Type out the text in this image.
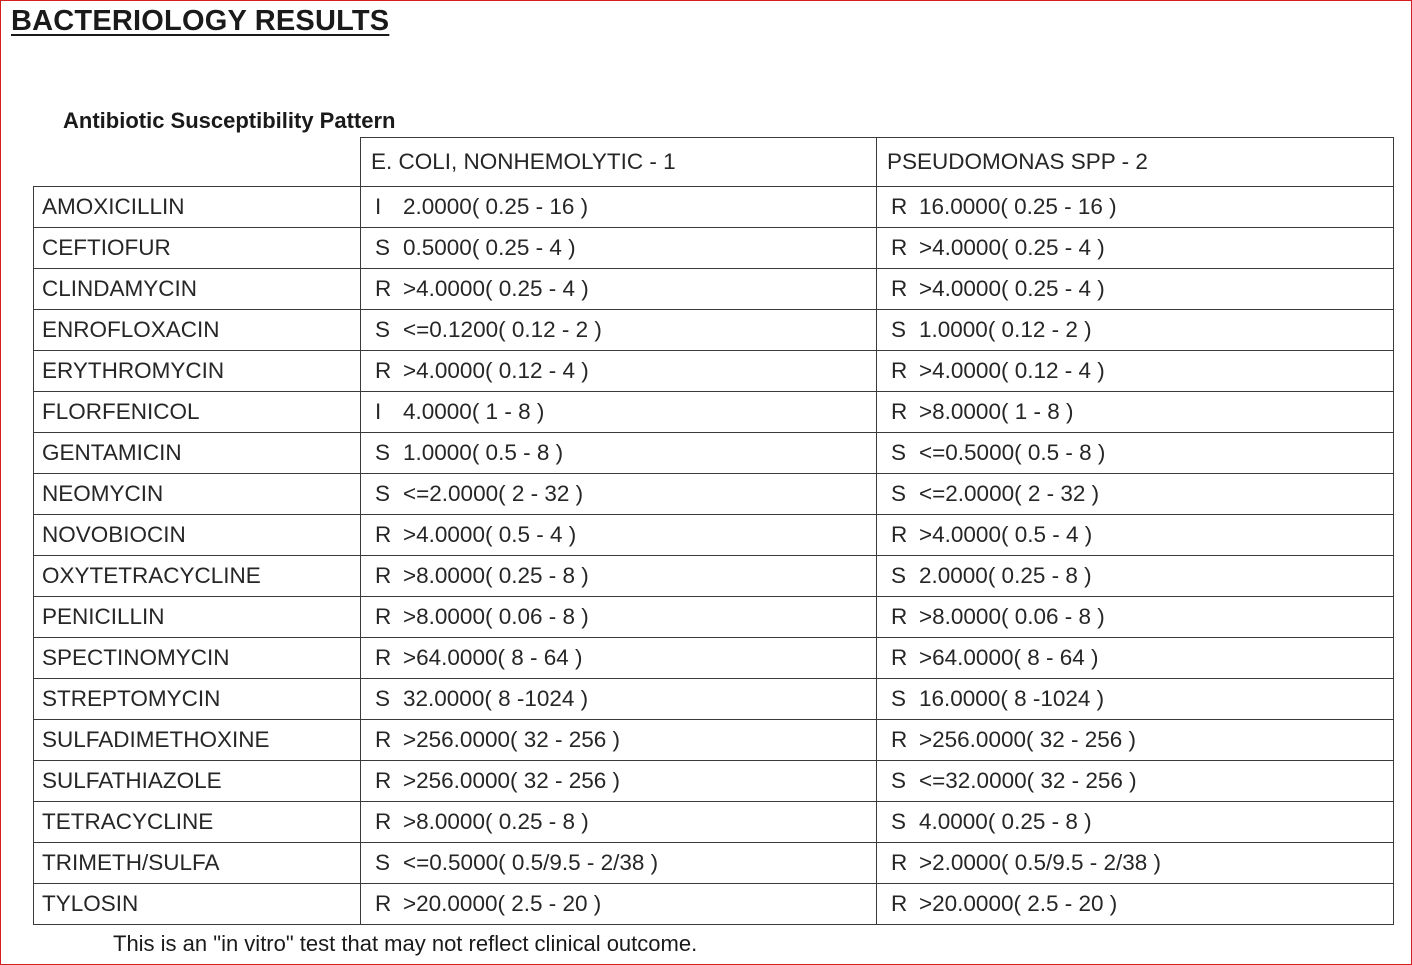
BACTERIOLOGY RESULTS
Antibiotic Susceptibility Pattern
	E. COLI, NONHEMOLYTIC - 1	PSEUDOMONAS SPP - 2
AMOXICILLIN	I 2.0000( 0.25 - 16 )	R 16.0000( 0.25 - 16 )
CEFTIOFUR	S 0.5000( 0.25 - 4 )	R >4.0000( 0.25 - 4 )
CLINDAMYCIN	R >4.0000( 0.25 - 4 )	R >4.0000( 0.25 - 4 )
ENROFLOXACIN	S <=0.1200( 0.12 - 2 )	S 1.0000( 0.12 - 2 )
ERYTHROMYCIN	R >4.0000( 0.12 - 4 )	R >4.0000( 0.12 - 4 )
FLORFENICOL	I 4.0000( 1 - 8 )	R >8.0000( 1 - 8 )
GENTAMICIN	S 1.0000( 0.5 - 8 )	S <=0.5000( 0.5 - 8 )
NEOMYCIN	S <=2.0000( 2 - 32 )	S <=2.0000( 2 - 32 )
NOVOBIOCIN	R >4.0000( 0.5 - 4 )	R >4.0000( 0.5 - 4 )
OXYTETRACYCLINE	R >8.0000( 0.25 - 8 )	S 2.0000( 0.25 - 8 )
PENICILLIN	R >8.0000( 0.06 - 8 )	R >8.0000( 0.06 - 8 )
SPECTINOMYCIN	R >64.0000( 8 - 64 )	R >64.0000( 8 - 64 )
STREPTOMYCIN	S 32.0000( 8 -1024 )	S 16.0000( 8 -1024 )
SULFADIMETHOXINE	R >256.0000( 32 - 256 )	R >256.0000( 32 - 256 )
SULFATHIAZOLE	R >256.0000( 32 - 256 )	S <=32.0000( 32 - 256 )
TETRACYCLINE	R >8.0000( 0.25 - 8 )	S 4.0000( 0.25 - 8 )
TRIMETH/SULFA	S <=0.5000( 0.5/9.5 - 2/38 )	R >2.0000( 0.5/9.5 - 2/38 )
TYLOSIN	R >20.0000( 2.5 - 20 )	R >20.0000( 2.5 - 20 )

This is an "in vitro" test that may not reflect clinical outcome.
